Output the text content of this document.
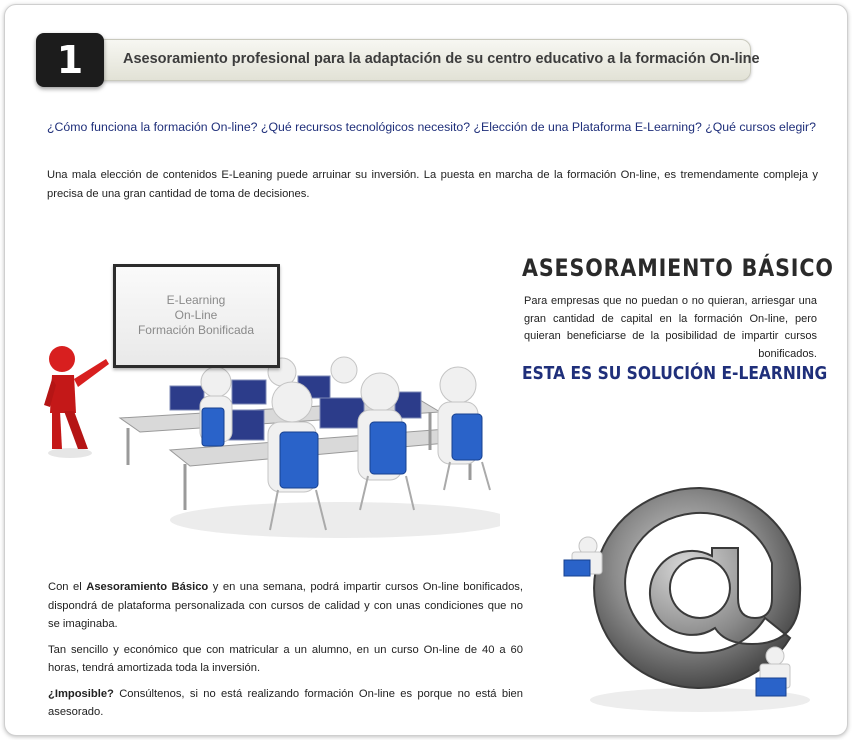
1	Asesoramiento profesional para la adaptación de su centro educativo a la formación On-line
¿Cómo funciona la formación On-line? ¿Qué recursos tecnológicos necesito? ¿Elección de una Plataforma E-Learning? ¿Qué cursos elegir?
Una mala elección de contenidos E-Leaning puede arruinar su inversión. La puesta en marcha de la formación On-line, es tremendamente compleja y precisa de una gran cantidad de toma de decisiones.
E-Learning
On-Line
Formación Bonificada
ASESORAMIENTO BÁSICO
Para empresas que no puedan o no quieran, arriesgar una gran cantidad de capital en la formación On-line, pero quieran beneficiarse de la posibilidad de impartir cursos bonificados.
ESTA ES SU SOLUCIÓN E-LEARNING

Con el Asesoramiento Básico y en una semana, podrá impartir cursos On-line bonificados, dispondrá de plataforma personalizada con cursos de calidad y con unas condiciones que no se imaginaba.

Tan sencillo y económico que con matricular a un alumno, en un curso On-line de 40 a 60 horas, tendrá amortizada toda la inversión.

¿Imposible? Consúltenos, si no está realizando formación On-line es porque no está bien asesorado.
